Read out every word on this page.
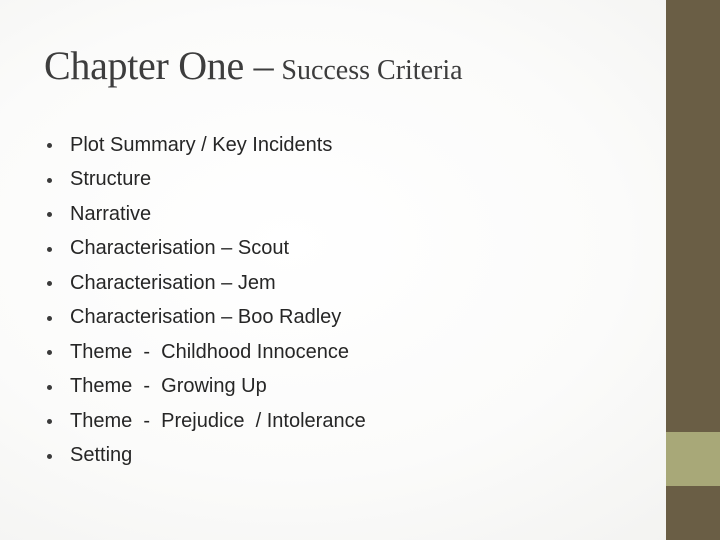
Chapter One – Success Criteria
Plot Summary / Key Incidents
Structure
Narrative
Characterisation – Scout
Characterisation – Jem
Characterisation – Boo Radley
Theme  -  Childhood Innocence
Theme  -  Growing Up
Theme  -  Prejudice  / Intolerance
Setting
